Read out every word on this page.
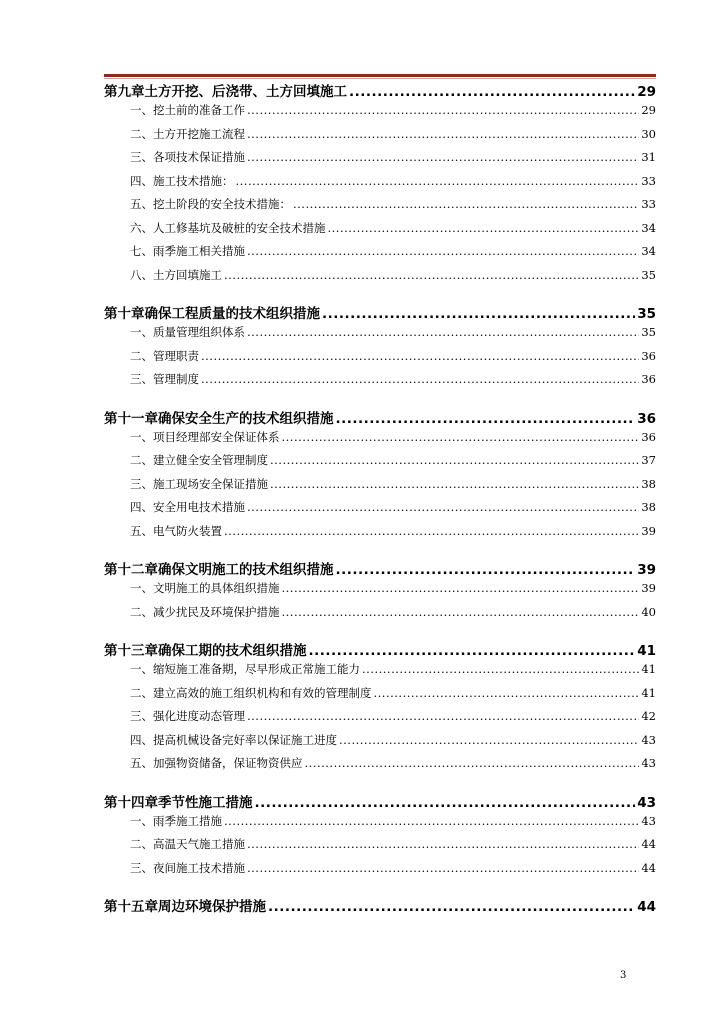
第九章 土方开挖、后浇带、土方回填施工 .....	29
一、 挖土前的准备工作 .....	29
二、 土方开挖施工流程 .....	30
三、 各项技术保证措施 .....	31
四、 施工技术措施： .....	33
五、 挖土阶段的安全技术措施： .....	33
六、 人工修基坑及破桩的安全技术措施 .....	34
七、 雨季施工相关措施 .....	34
八、 土方回填施工 .....	35
第十章 确保工程质量的技术组织措施 .....	35
一、 质量管理组织体系 .....	35
二、 管理职责 .....	36
三、 管理制度 .....	36
第十一章 确保安全生产的技术组织措施 .....	36
一、 项目经理部安全保证体系 .....	36
二、 建立健全安全管理制度 .....	37
三、 施工现场安全保证措施 .....	38
四、 安全用电技术措施 .....	38
五、 电气防火装置 .....	39
第十二章 确保文明施工的技术组织措施 .....	39
一、 文明施工的具体组织措施 .....	39
二、 减少扰民及环境保护措施 .....	40
第十三章 确保工期的技术组织措施 .....	41
一、 缩短施工准备期，尽早形成正常施工能力 .....	41
二、 建立高效的施工组织机构和有效的管理制度 .....	41
三、 强化进度动态管理 .....	42
四、 提高机械设备完好率以保证施工进度 .....	43
五、 加强物资储备，保证物资供应 .....	43
第十四章 季节性施工措施 .....	43
一、 雨季施工措施 .....	43
二、 高温天气施工措施 .....	44
三、 夜间施工技术措施 .....	44
第十五章 周边环境保护措施 .....	44
3
